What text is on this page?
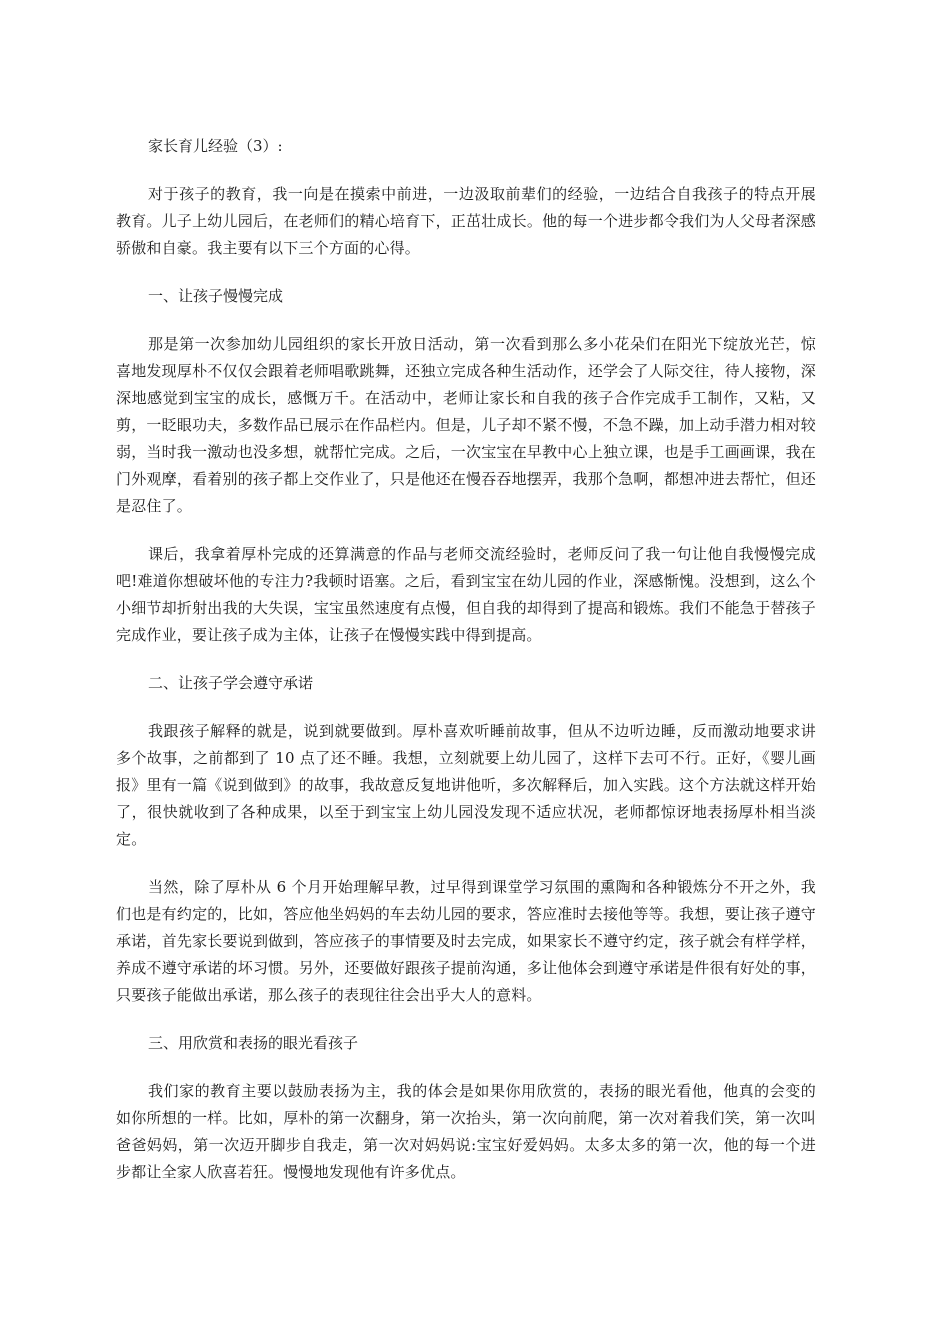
家长育儿经验（3）:

对于孩子的教育，我一向是在摸索中前进，一边汲取前辈们的经验，一边结合自我孩子的特点开展教育。儿子上幼儿园后，在老师们的精心培育下，正茁壮成长。他的每一个进步都令我们为人父母者深感骄傲和自豪。我主要有以下三个方面的心得。

一、让孩子慢慢完成

那是第一次参加幼儿园组织的家长开放日活动，第一次看到那么多小花朵们在阳光下绽放光芒，惊喜地发现厚朴不仅仅会跟着老师唱歌跳舞，还独立完成各种生活动作，还学会了人际交往，待人接物，深深地感觉到宝宝的成长，感慨万千。在活动中，老师让家长和自我的孩子合作完成手工制作，又粘，又剪，一眨眼功夫，多数作品已展示在作品栏内。但是，儿子却不紧不慢，不急不躁，加上动手潜力相对较弱，当时我一激动也没多想，就帮忙完成。之后，一次宝宝在早教中心上独立课，也是手工画画课，我在门外观摩，看着别的孩子都上交作业了，只是他还在慢吞吞地摆弄，我那个急啊，都想冲进去帮忙，但还是忍住了。

课后，我拿着厚朴完成的还算满意的作品与老师交流经验时，老师反问了我一句让他自我慢慢完成吧!难道你想破坏他的专注力?我顿时语塞。之后，看到宝宝在幼儿园的作业，深感惭愧。没想到，这么个小细节却折射出我的大失误，宝宝虽然速度有点慢，但自我的却得到了提高和锻炼。我们不能急于替孩子完成作业，要让孩子成为主体，让孩子在慢慢实践中得到提高。

二、让孩子学会遵守承诺

我跟孩子解释的就是，说到就要做到。厚朴喜欢听睡前故事，但从不边听边睡，反而激动地要求讲多个故事，之前都到了 10 点了还不睡。我想，立刻就要上幼儿园了，这样下去可不行。正好，《婴儿画报》里有一篇《说到做到》的故事，我故意反复地讲他听，多次解释后，加入实践。这个方法就这样开始了，很快就收到了各种成果，以至于到宝宝上幼儿园没发现不适应状况，老师都惊讶地表扬厚朴相当淡定。

当然，除了厚朴从 6 个月开始理解早教，过早得到课堂学习氛围的熏陶和各种锻炼分不开之外，我们也是有约定的，比如，答应他坐妈妈的车去幼儿园的要求，答应准时去接他等等。我想，要让孩子遵守承诺，首先家长要说到做到，答应孩子的事情要及时去完成，如果家长不遵守约定，孩子就会有样学样，养成不遵守承诺的坏习惯。另外，还要做好跟孩子提前沟通，多让他体会到遵守承诺是件很有好处的事，只要孩子能做出承诺，那么孩子的表现往往会出乎大人的意料。

三、用欣赏和表扬的眼光看孩子

我们家的教育主要以鼓励表扬为主，我的体会是如果你用欣赏的，表扬的眼光看他，他真的会变的如你所想的一样。比如，厚朴的第一次翻身，第一次抬头，第一次向前爬，第一次对着我们笑，第一次叫爸爸妈妈，第一次迈开脚步自我走，第一次对妈妈说:宝宝好爱妈妈。太多太多的第一次，他的每一个进步都让全家人欣喜若狂。慢慢地发现他有许多优点。
